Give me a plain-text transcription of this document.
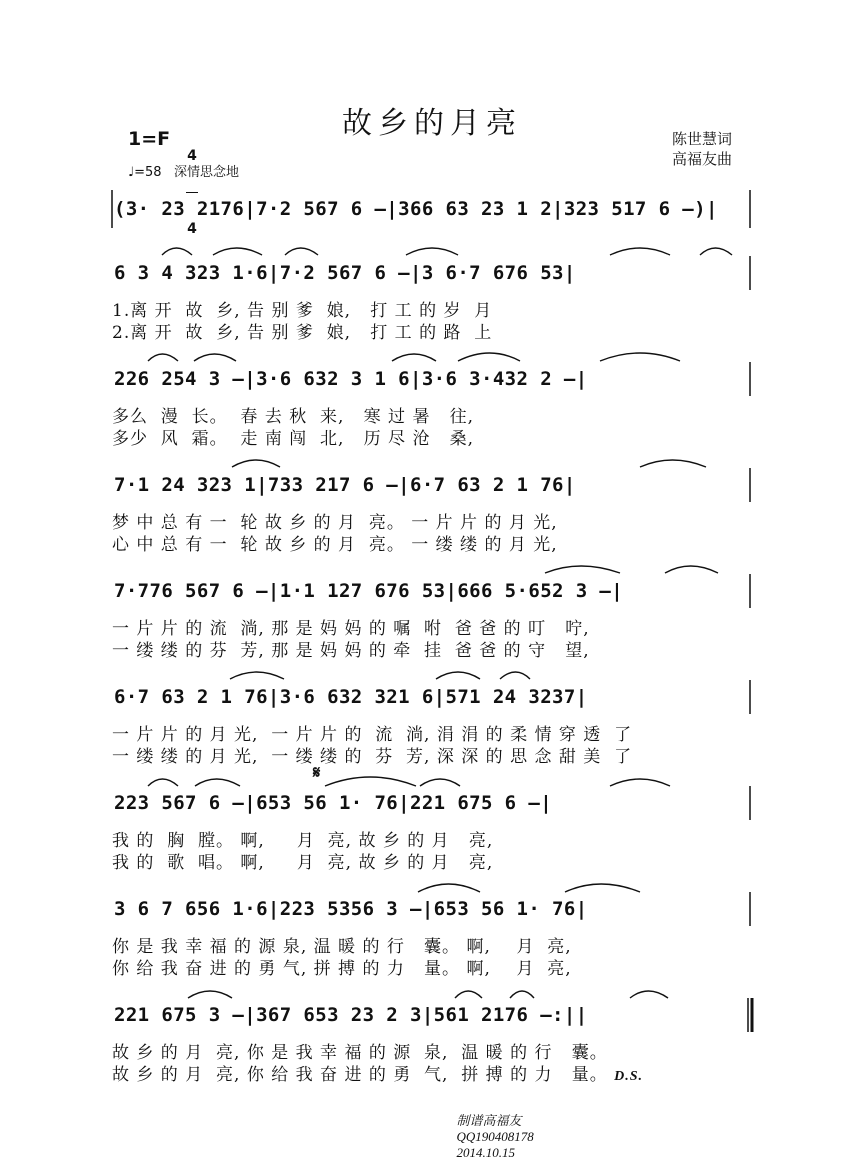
故乡的月亮
1=F

4

4

♩=58   深情思念地
陈世慧词
高福友曲
(3· 23 2176|7·2 567 6 –|366 63 23 1 2|323 517 6 –)|
6 3 4 323 1·6|7·2 567 6 –|3 6·7 676 53|
1.离 开  故  乡, 告 别 爹  娘,   打 工 的 岁  月
2.离 开  故  乡, 告 别 爹  娘,   打 工 的 路  上
226 254 3 –|3·6 632 3 1 6|3·6 3·432 2 –|
多么  漫  长。  春 去 秋  来,   寒 过 暑   往,
多少  风  霜。  走 南 闯  北,   历 尽 沧   桑,
7·1 24 323 1|733 217 6 –|6·7 63 2 1 76|
梦 中 总 有 一  轮 故 乡 的 月  亮。 一 片 片 的 月 光,
心 中 总 有 一  轮 故 乡 的 月  亮。 一 缕 缕 的 月 光,
7·776 567 6 –|1·1 127 676 53|666 5·652 3 –|
一 片 片 的 流  淌, 那 是 妈 妈 的 嘱  咐  爸 爸 的 叮   咛,
一 缕 缕 的 芬  芳, 那 是 妈 妈 的 牵  挂  爸 爸 的 守   望,
6·7 63 2 1 76|3·6 632 321 6|571 24 3237|
一 片 片 的 月 光,  一 片 片 的  流  淌, 涓 涓 的 柔 情 穿 透  了
一 缕 缕 的 月 光,  一 缕 缕 的  芬  芳, 深 深 的 思 念 甜 美  了
𝄋
223 567 6 –|653 56 1· 76|221 675 6 –|
我 的  胸  膛。 啊,     月  亮, 故 乡 的 月   亮,
我 的  歌  唱。 啊,     月  亮, 故 乡 的 月   亮,
3 6 7 656 1·6|223 5356 3 –|653 56 1· 76|
你 是 我 幸 福 的 源 泉, 温 暖 的 行   囊。 啊,    月  亮,
你 给 我 奋 进 的 勇 气, 拼 搏 的 力   量。 啊,    月  亮,
221 675 3 –|367 653 23 2 3|561 2176 –:||
故 乡 的 月  亮, 你 是 我 幸 福 的 源  泉,  温 暖 的 行   囊。
故 乡 的 月  亮, 你 给 我 奋 进 的 勇  气,  拼 搏 的 力   量。 D.S.

制谱高福友
QQ190408178
2014.10.15
